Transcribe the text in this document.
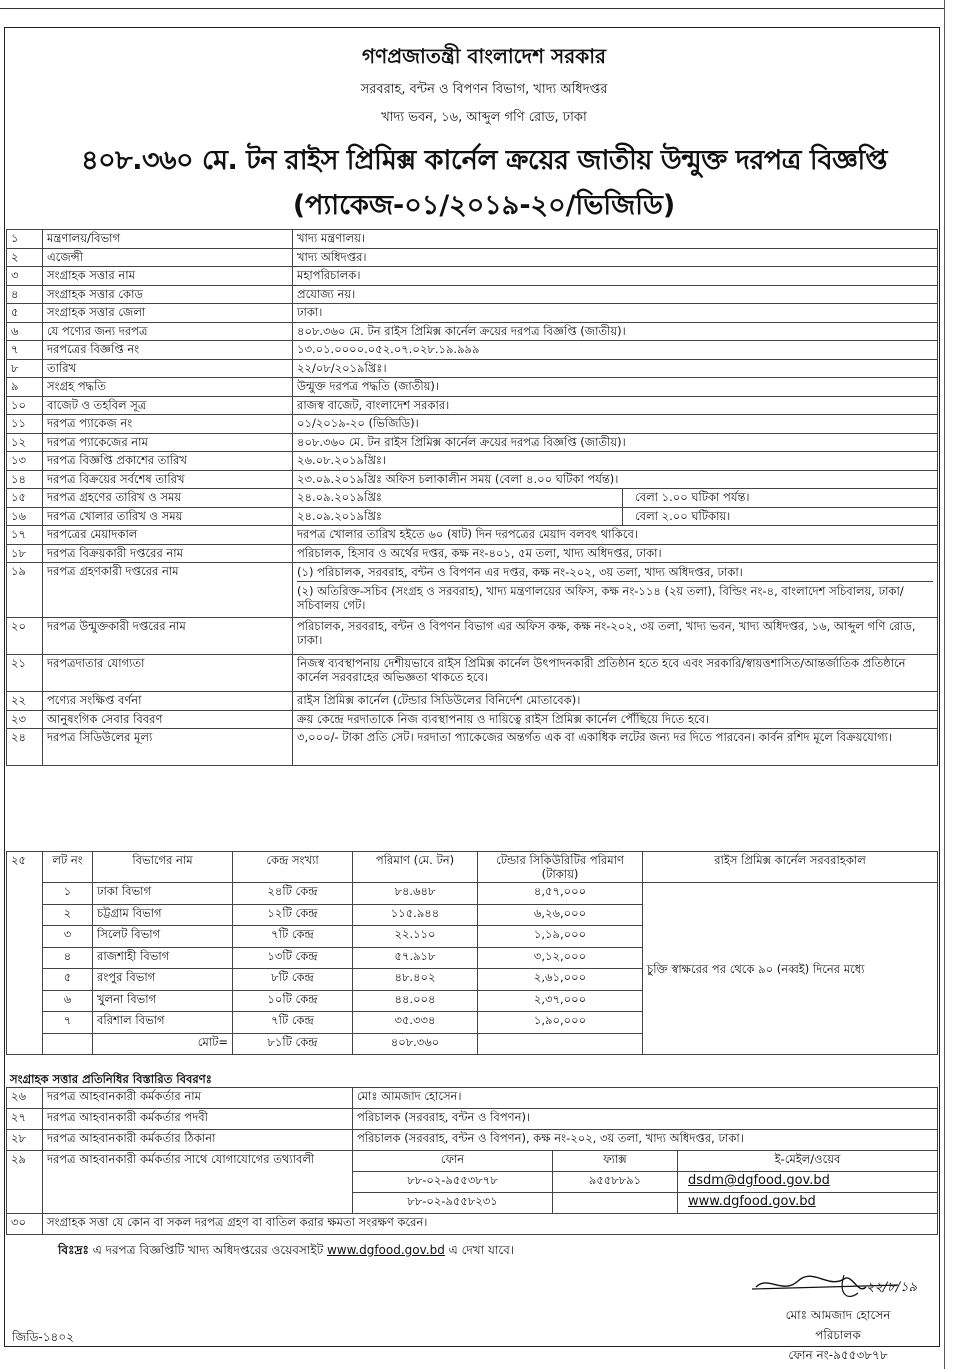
গণপ্রজাতন্ত্রী বাংলাদেশ সরকার
সরবরাহ, বন্টন ও বিপণন বিভাগ, খাদ্য অধিদপ্তর
খাদ্য ভবন, ১৬, আব্দুল গণি রোড, ঢাকা
৪০৮.৩৬০ মে. টন রাইস প্রিমিক্স কার্নেল ক্রয়ের জাতীয় উন্মুক্ত দরপত্র বিজ্ঞপ্তি
(প্যাকেজ-০১/২০১৯-২০/ভিজিডি)
১	মন্ত্রণালয়/বিভাগ	খাদ্য মন্ত্রণালয়।	
২	এজেন্সী	খাদ্য অধিদপ্তর।	
৩	সংগ্রাহক সত্তার নাম	মহাপরিচালক।	
৪	সংগ্রাহক সত্তার কোড	প্রযোজ্য নয়।	
৫	সংগ্রাহক সত্তার জেলা	ঢাকা।	
৬	যে পণ্যের জন্য দরপত্র	৪০৮.৩৬০ মে. টন রাইস প্রিমিক্স কার্নেল ক্রয়ের দরপত্র বিজ্ঞপ্তি (জাতীয়)।	
৭	দরপত্রের বিজ্ঞপ্তি নং	১৩.০১.০০০০.০৫২.০৭.০২৮.১৯.৯৯৯	
৮	তারিখ	২২/০৮/২০১৯খ্রিঃ।	
৯	সংগ্রহ পদ্ধতি	উন্মুক্ত দরপত্র পদ্ধতি (জাতীয়)।	
১০	বাজেট ও তহবিল সূত্র	রাজস্ব বাজেট, বাংলাদেশ সরকার।	
১১	দরপত্র প্যাকেজ নং	০১/২০১৯-২০ (ভিজিডি)।	
১২	দরপত্র প্যাকেজের নাম	৪০৮.৩৬০ মে. টন রাইস প্রিমিক্স কার্নেল ক্রয়ের দরপত্র বিজ্ঞপ্তি (জাতীয়)।	
১৩	দরপত্র বিজ্ঞপ্তি প্রকাশের তারিখ	২৬.০৮.২০১৯খ্রিঃ।	
১৪	দরপত্র বিক্রয়ের সর্বশেষ তারিখ	২৩.০৯.২০১৯খ্রিঃ অফিস চলাকালীন সময় (বেলা ৪.০০ ঘটিকা পর্যন্ত)।	
১৫	দরপত্র গ্রহণের তারিখ ও সময়	২৪.০৯.২০১৯খ্রিঃ	বেলা ১.০০ ঘটিকা পর্যন্ত।
১৬	দরপত্র খোলার তারিখ ও সময়	২৪.০৯.২০১৯খ্রিঃ	বেলা ২.০০ ঘটিকায়।
১৭	দরপত্রের মেয়াদকাল	দরপত্র খোলার তারিখ হইতে ৬০ (ষাট) দিন দরপত্রের মেয়াদ বলবৎ থাকিবে।	
১৮	দরপত্র বিক্রয়কারী দপ্তরের নাম	পরিচালক, হিসাব ও অর্থের দপ্তর, কক্ষ নং-৪০১, ৫ম তলা, খাদ্য অধিদপ্তর, ঢাকা।	
১৯	দরপত্র গ্রহণকারী দপ্তরের নাম	(১) পরিচালক, সরবরাহ, বন্টন ও বিপণন এর দপ্তর, কক্ষ নং-২০২, ৩য় তলা, খাদ্য অধিদপ্তর, ঢাকা।
(২) অতিরিক্ত-সচিব (সংগ্রহ ও সরবরাহ), খাদ্য মন্ত্রণালয়ের অফিস, কক্ষ নং-১১৪ (২য় তলা), বিল্ডিং নং-৪, বাংলাদেশ সচিবালয়, ঢাকা/সচিবালয় গেট।	

২০	দরপত্র উন্মুক্তকারী দপ্তরের নাম	পরিচালক, সরবরাহ, বন্টন ও বিপণন বিভাগ এর অফিস কক্ষ, কক্ষ নং-২০২, ৩য় তলা, খাদ্য ভবন, খাদ্য অধিদপ্তর, ১৬, আব্দুল গণি রোড, ঢাকা।	
২১	দরপত্রদাতার যোগ্যতা	নিজস্ব ব্যবস্থাপনায় দেশীয়ভাবে রাইস প্রিমিক্স কার্নেল উৎপাদনকারী প্রতিষ্ঠান হতে হবে এবং সরকারি/স্বায়ত্তশাসিত/আন্তর্জাতিক প্রতিষ্ঠানে কার্নেল সরবরাহের অভিজ্ঞতা থাকতে হবে।	
২২	পণ্যের সংক্ষিপ্ত বর্ণনা	রাইস প্রিমিক্স কার্নেল (টেন্ডার সিডিউলের বিনির্দেশ মোতাবেক)।	
২৩	আনুষংগিক সেবার বিবরণ	ক্রয় কেন্দ্রে দরদাতাকে নিজ ব্যবস্থাপনায় ও দায়িত্বে রাইস প্রিমিক্স কার্নেল পৌঁছিয়ে দিতে হবে।	
২৪	দরপত্র সিডিউলের মূল্য	৩,০০০/- টাকা প্রতি সেট। দরদাতা প্যাকেজের অন্তর্গত এক বা একাধিক লটের জন্য দর দিতে পারবেন। কার্বন রশিদ মূলে বিক্রয়যোগ্য।	
২৫	লট নং	বিভাগের নাম	কেন্দ্র সংখ্যা	পরিমাণ (মে. টন)	টেন্ডার সিকিউরিটির পরিমাণ (টাকায়)	রাইস প্রিমিক্স কার্নেল সরবরাহকাল
	১	ঢাকা বিভাগ	২৪টি কেন্দ্র	৮৪.৬৪৮	৪,৫৭,০০০	চুক্তি স্বাক্ষরের পর থেকে ৯০ (নব্বই) দিনের মধ্যে
	২	চট্টগ্রাম বিভাগ	১২টি কেন্দ্র	১১৫.৯৪৪	৬,২৬,০০০	
	৩	সিলেট বিভাগ	৭টি কেন্দ্র	২২.১১০	১,১৯,০০০	
	৪	রাজশাহী বিভাগ	১৩টি কেন্দ্র	৫৭.৯১৮	৩,১২,০০০	
	৫	রংপুর বিভাগ	৮টি কেন্দ্র	৪৮.৪০২	২,৬১,০০০	
	৬	খুলনা বিভাগ	১০টি কেন্দ্র	৪৪.০০৪	২,৩৭,০০০	
	৭	বরিশাল বিভাগ	৭টি কেন্দ্র	৩৫.৩৩৪	১,৯০,০০০	
		মোট=	৮১টি কেন্দ্র	৪০৮.৩৬০		
সংগ্রাহক সত্তার প্রতিনিধির বিস্তারিত বিবরণঃ
২৬	দরপত্র আহবানকারী কর্মকর্তার নাম	মোঃ আমজাদ হোসেন।		
২৭	দরপত্র আহবানকারী কর্মকর্তার পদবী	পরিচালক (সরবরাহ, বন্টন ও বিপণন)।		
২৮	দরপত্র আহবানকারী কর্মকর্তার ঠিকানা	পরিচালক (সরবরাহ, বন্টন ও বিপণন), কক্ষ নং-২০২, ৩য় তলা, খাদ্য অধিদপ্তর, ঢাকা।		
২৯	দরপত্র আহবানকারী কর্মকর্তার সাথে যোগাযোগের তথ্যাবলী	ফোন	ফ্যাক্স	ই-মেইল/ওয়েব
		৮৮-০২-৯৫৫৩৮৭৮	৯৫৫৮৮৯১	dsdm@dgfood.gov.bd
		৮৮-০২-৯৫৫৮২৩১		www.dgfood.gov.bd
৩০	সংগ্রাহক সত্তা যে কোন বা সকল দরপত্র গ্রহণ বা বাতিল করার ক্ষমতা সংরক্ষণ করেন।			
বিঃদ্রঃ এ দরপত্র বিজ্ঞপ্তিটি খাদ্য অধিদপ্তরের ওয়েবসাইট www.dgfood.gov.bd এ দেখা যাবে।
২২/৮/১৯
মোঃ আমজাদ হোসেন
পরিচালক
ফোন নং-৯৫৫৩৮৭৮
জিডি-১৪০২
